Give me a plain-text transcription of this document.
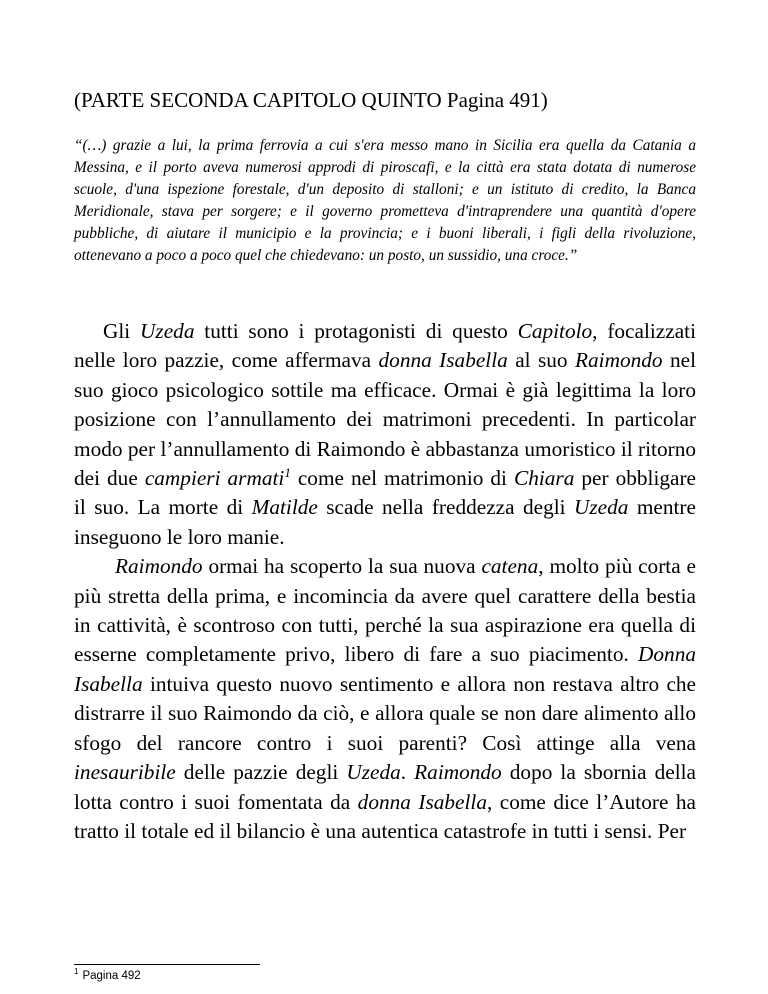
(PARTE SECONDA CAPITOLO QUINTO Pagina 491)
“(…) grazie a lui, la prima ferrovia a cui s'era messo mano in Sicilia era quella da Catania a Messina, e il porto aveva numerosi approdi di piroscafi, e la città era stata dotata di numerose scuole, d'una ispezione forestale, d'un deposito di stalloni; e un istituto di credito, la Banca Meridionale, stava per sorgere; e il governo prometteva d'intraprendere una quantità d'opere pubbliche, di aiutare il municipio e la provincia; e i buoni liberali, i figli della rivoluzione, ottenevano a poco a poco quel che chiedevano: un posto, un sussidio, una croce.”

Gli Uzeda tutti sono i protagonisti di questo Capitolo, focalizzati nelle loro pazzie, come affermava donna Isabella al suo Raimondo nel suo gioco psicologico sottile ma efficace. Ormai è già legittima la loro posizione con l’annullamento dei matrimoni precedenti. In particolar modo per l’annullamento di Raimondo è abbastanza umoristico il ritorno dei due campieri armati$^1$ come nel matrimonio di Chiara per obbligare il suo. La morte di Matilde scade nella freddezza degli Uzeda mentre inseguono le loro manie.

Raimondo ormai ha scoperto la sua nuova catena, molto più corta e più stretta della prima, e incomincia da avere quel carattere della bestia in cattività, è scontroso con tutti, perché la sua aspirazione era quella di esserne completamente privo, libero di fare a suo piacimento. Donna Isabella intuiva questo nuovo sentimento e allora non restava altro che distrarre il suo Raimondo da ciò, e allora quale se non dare alimento allo sfogo del rancore contro i suoi parenti? Così attinge alla vena inesauribile delle pazzie degli Uzeda. Raimondo dopo la sbornia della lotta contro i suoi fomentata da donna Isabella, come dice l’Autore ha tratto il totale ed il bilancio è una autentica catastrofe in tutti i sensi. Per

$^1$ Pagina 492
